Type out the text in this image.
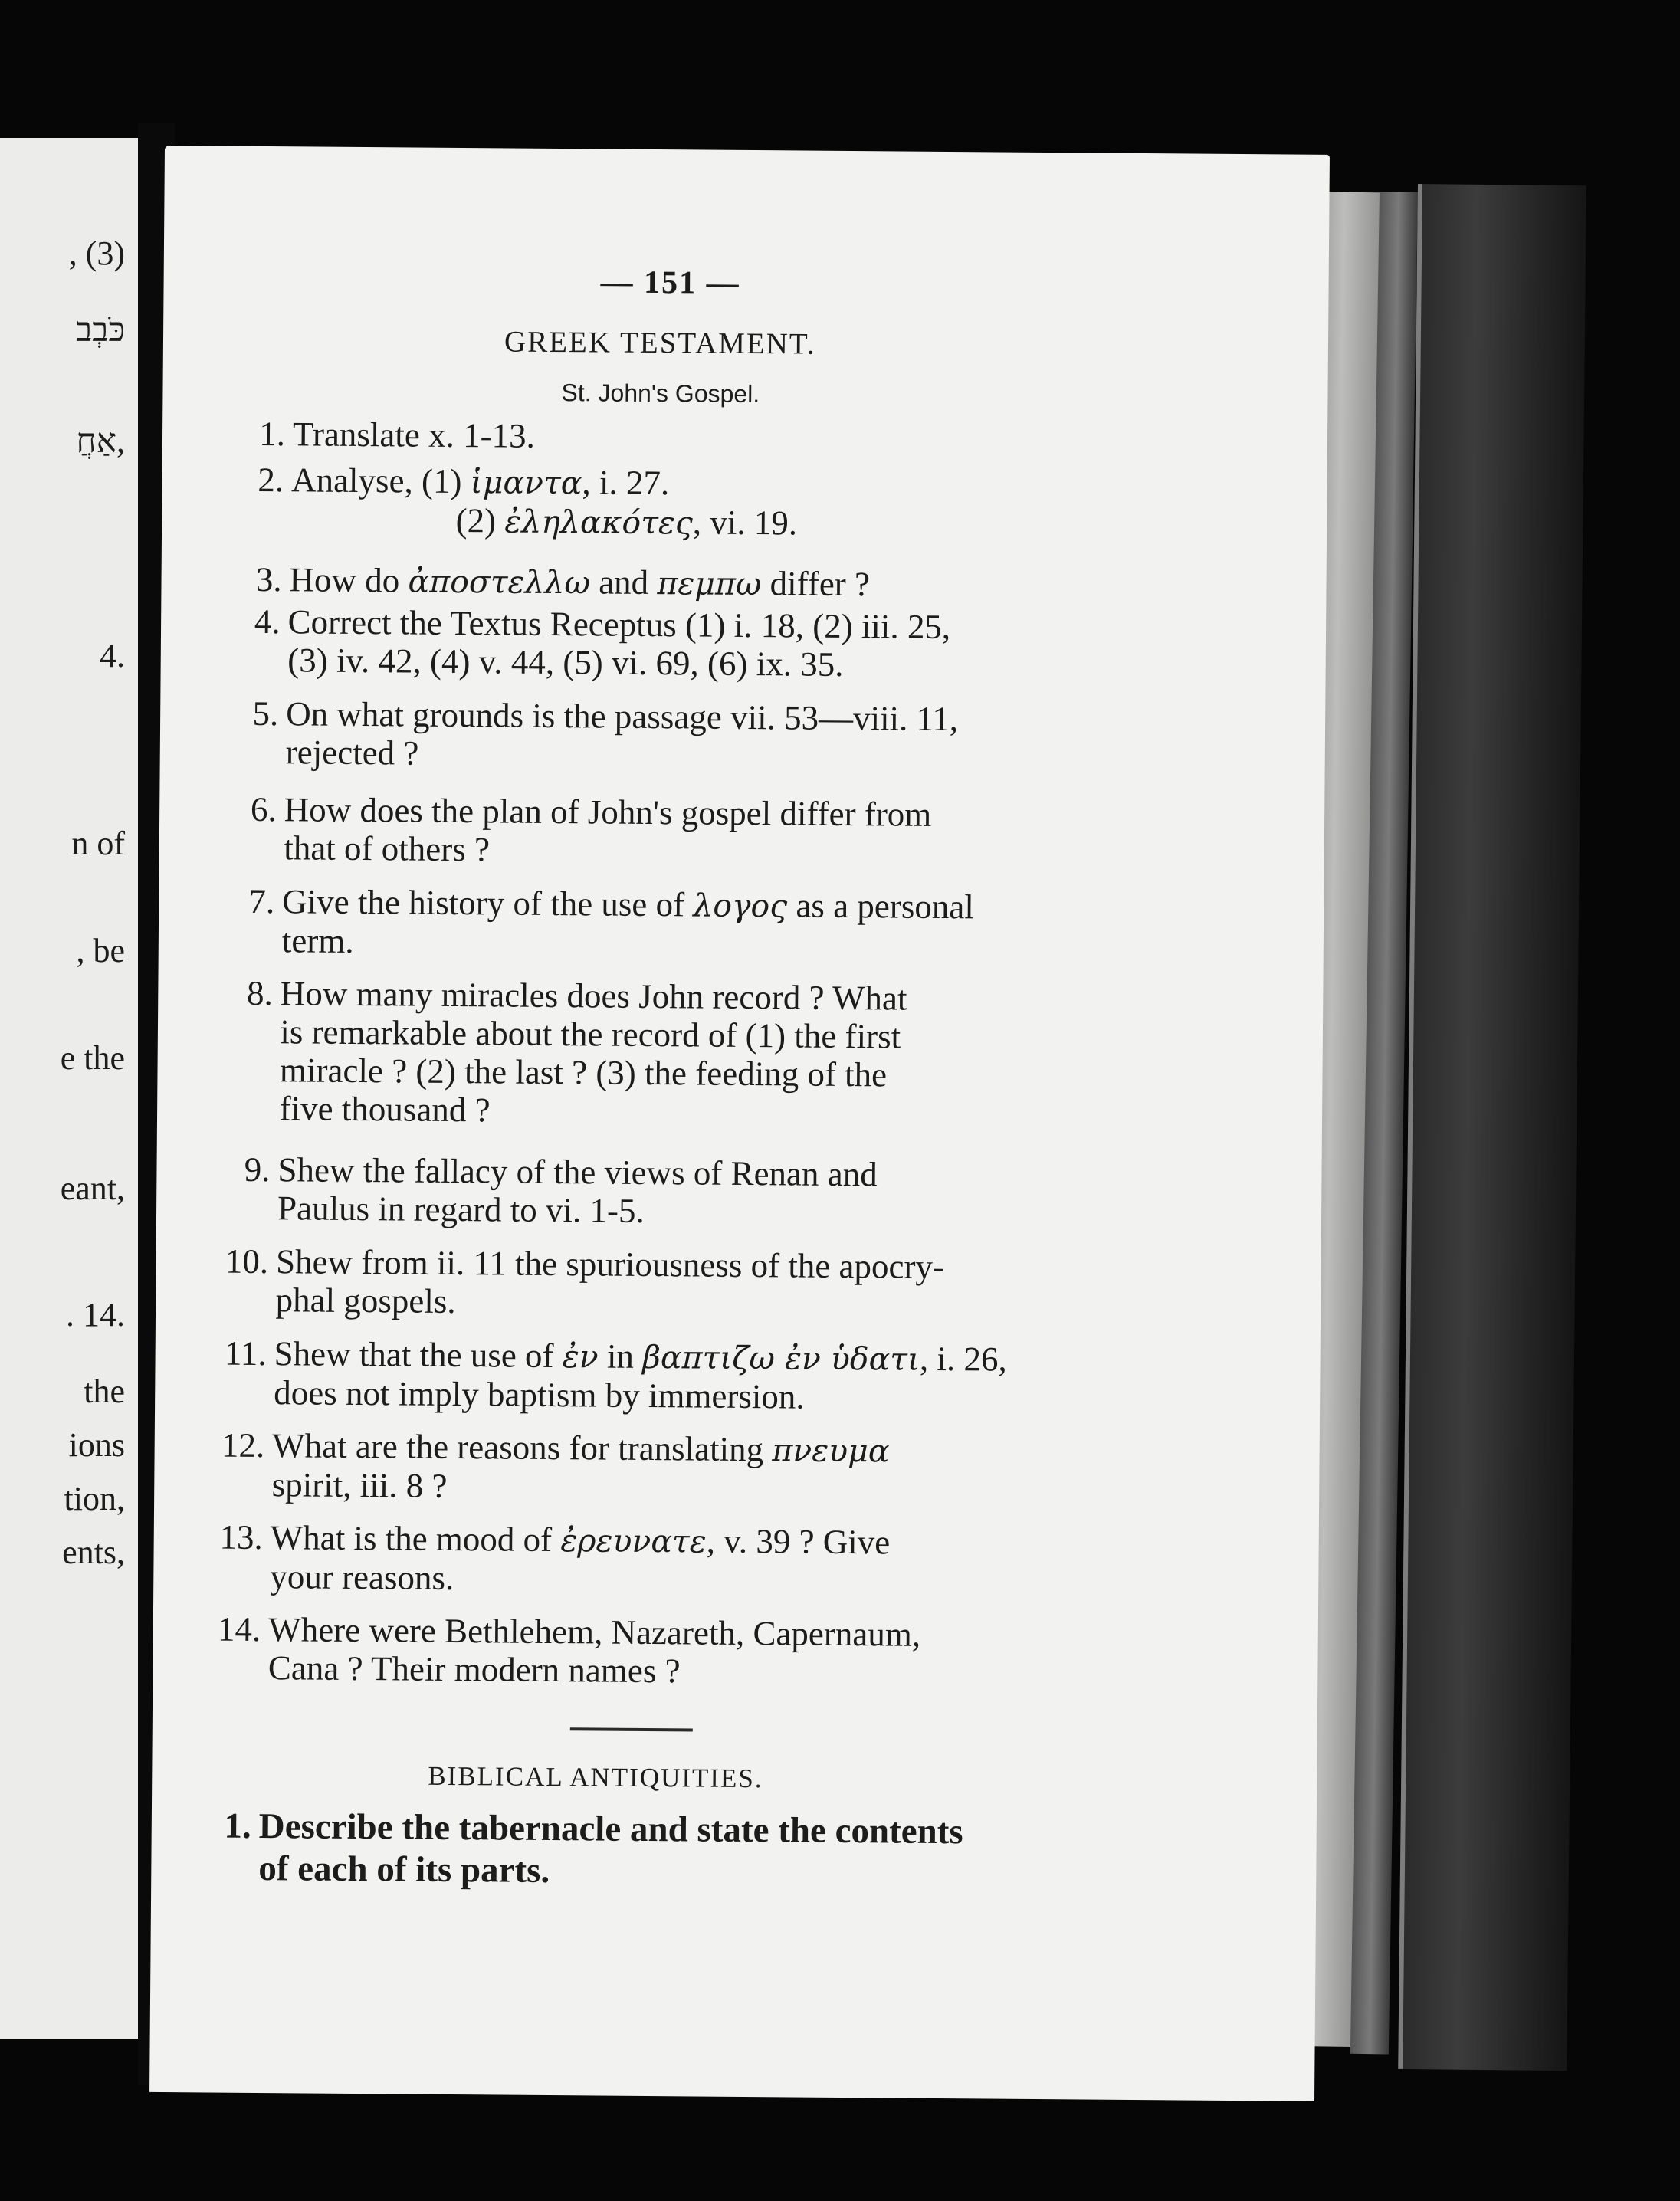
, (3)
כֹּבְב
אַחֲ,
4.
n of
, be
e the
eant,
. 14.
the
ions
tion,
ents,
— 151 —
GREEK TESTAMENT.
St. John's Gospel.
1. Translate x. 1-13.
2. Analyse, (1) ἱμαντα, i. 27.
(2) ἐληλακότες, vi. 19.
3. How do ἀποστελλω and πεμπω differ ?
4. Correct the Textus Receptus (1) i. 18, (2) iii. 25,
(3) iv. 42, (4) v. 44, (5) vi. 69, (6) ix. 35.
5. On what grounds is the passage vii. 53—viii. 11,
rejected ?
6. How does the plan of John's gospel differ from
that of others ?
7. Give the history of the use of λογος as a personal
term.
8. How many miracles does John record ? What
is remarkable about the record of (1) the first
miracle ? (2) the last ? (3) the feeding of the
five thousand ?
9. Shew the fallacy of the views of Renan and
Paulus in regard to vi. 1-5.
10. Shew from ii. 11 the spuriousness of the apocry-
phal gospels.
11. Shew that the use of ἐν in βαπτιζω ἐν ὑδατι, i. 26,
does not imply baptism by immersion.
12. What are the reasons for translating πνευμα
spirit, iii. 8 ?
13. What is the mood of ἐρευνατε, v. 39 ? Give
your reasons.
14. Where were Bethlehem, Nazareth, Capernaum,
Cana ? Their modern names ?
BIBLICAL ANTIQUITIES.
1. Describe the tabernacle and state the contents
of each of its parts.
